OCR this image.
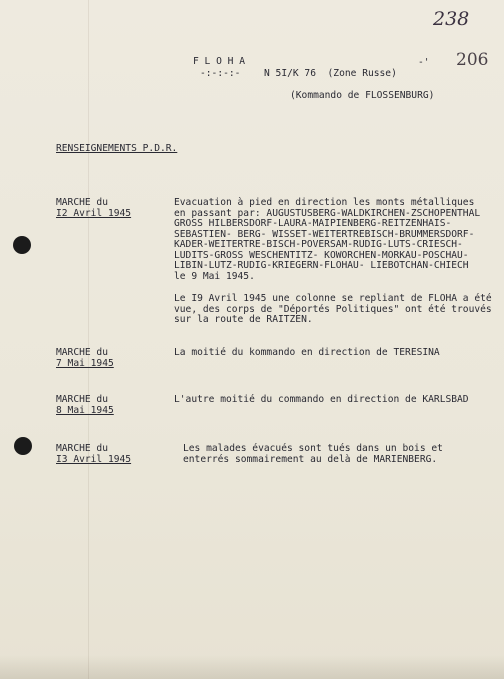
238
206
F L O H A
-:-:-:- N 5I/K 76  (Zone Russe)
-'
(Kommando de FLOSSENBURG)
RENSEIGNEMENTS P.D.R.
MARCHE du
I2 Avril 1945
Evacuation à pied en direction les monts métalliques
en passant par: AUGUSTUSBERG-WALDKIRCHEN-ZSCHOPENTHAL
GROSS HILBERSDORF-LAURA-MAIPIENBERG-REITZENHAIS-
SEBASTIEN- BERG- WISSET-WEITERTREBISCH-BRUMMERSDORF-
KADER-WEITERTRE-BISCH-POVERSAM-RUDIG-LUTS-CRIESCH-
LUDITS-GROSS WESCHENTITZ- KOWORCHEN-MORKAU-POSCHAU-
LIBIN-LUTZ-RUDIG-KRIEGERN-FLOHAU- LIEBOTCHAN-CHIECH
le 9 Mai 1945.
Le I9 Avril 1945 une colonne se repliant de FLOHA a été
vue, des corps de "Déportés Politiques" ont été trouvés
sur la route de RAITZEN.
MARCHE du
7 Mai 1945
La moitié du kommando en direction de TERESINA
MARCHE du
8 Mai 1945
L'autre moitié du commando en direction de KARLSBAD
MARCHE du
I3 Avril 1945
Les malades évacués sont tués dans un bois et
enterrés sommairement au delà de MARIENBERG.
